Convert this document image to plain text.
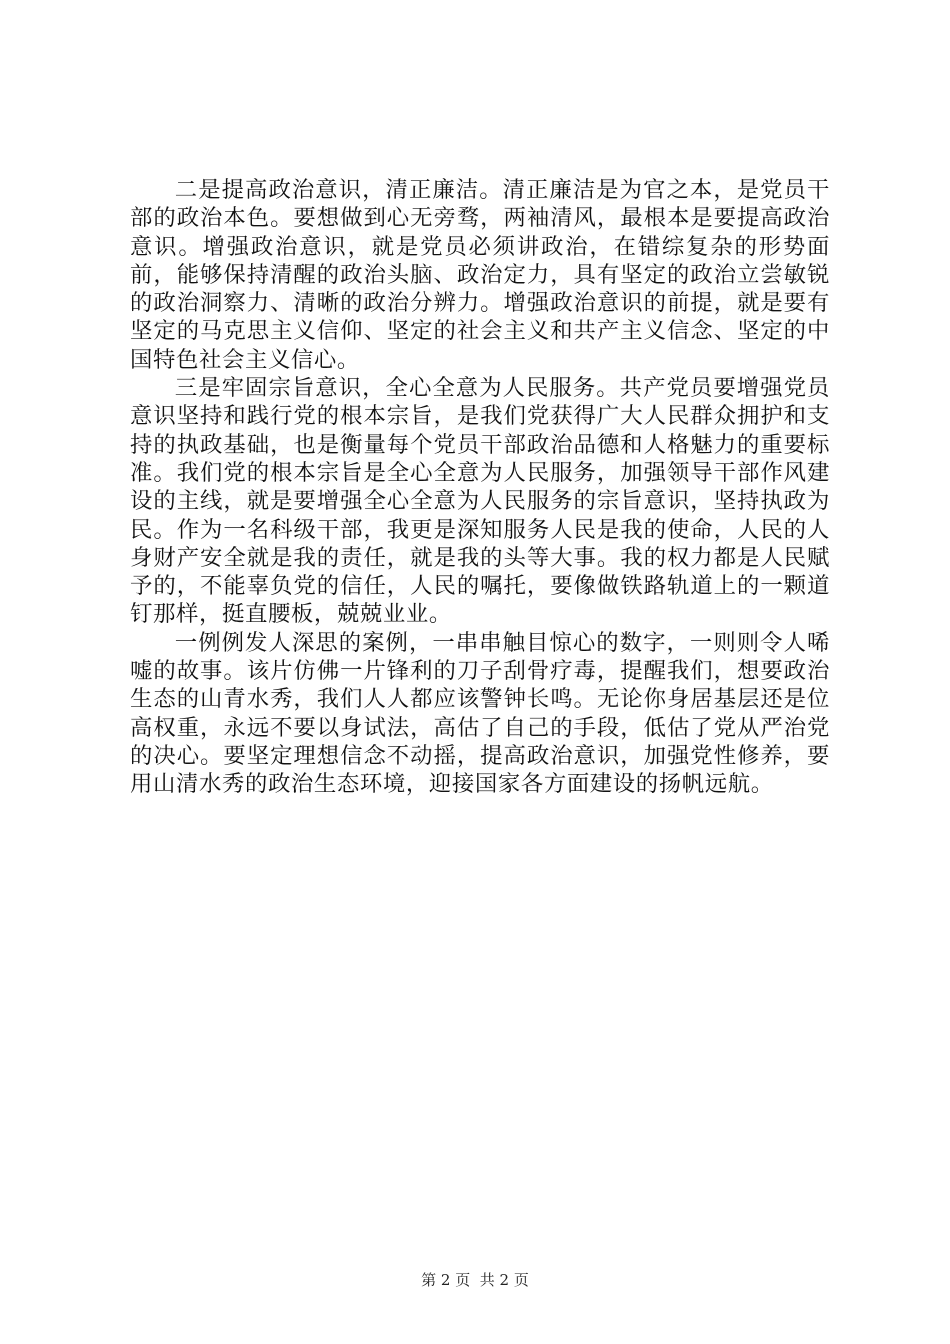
二是提高政治意识，清正廉洁。清正廉洁是为官之本，是党员干部的政治本色。要想做到心无旁骛，两袖清风，最根本是要提高政治意识。增强政治意识，就是党员必须讲政治，在错综复杂的形势面前，能够保持清醒的政治头脑、政治定力，具有坚定的政治立尝敏锐的政治洞察力、清晰的政治分辨力。增强政治意识的前提，就是要有坚定的马克思主义信仰、坚定的社会主义和共产主义信念、坚定的中国特色社会主义信心。

三是牢固宗旨意识，全心全意为人民服务。共产党员要增强党员意识坚持和践行党的根本宗旨，是我们党获得广大人民群众拥护和支持的执政基础，也是衡量每个党员干部政治品德和人格魅力的重要标准。我们党的根本宗旨是全心全意为人民服务，加强领导干部作风建设的主线，就是要增强全心全意为人民服务的宗旨意识，坚持执政为民。作为一名科级干部，我更是深知服务人民是我的使命，人民的人身财产安全就是我的责任，就是我的头等大事。我的权力都是人民赋予的，不能辜负党的信任，人民的嘱托，要像做铁路轨道上的一颗道钉那样，挺直腰板，兢兢业业。

一例例发人深思的案例，一串串触目惊心的数字，一则则令人唏嘘的故事。该片仿佛一片锋利的刀子刮骨疗毒，提醒我们，想要政治生态的山青水秀，我们人人都应该警钟长鸣。无论你身居基层还是位高权重，永远不要以身试法，高估了自己的手段，低估了党从严治党的决心。要坚定理想信念不动摇，提高政治意识，加强党性修养，要用山清水秀的政治生态环境，迎接国家各方面建设的扬帆远航。

第 2 页  共 2 页
